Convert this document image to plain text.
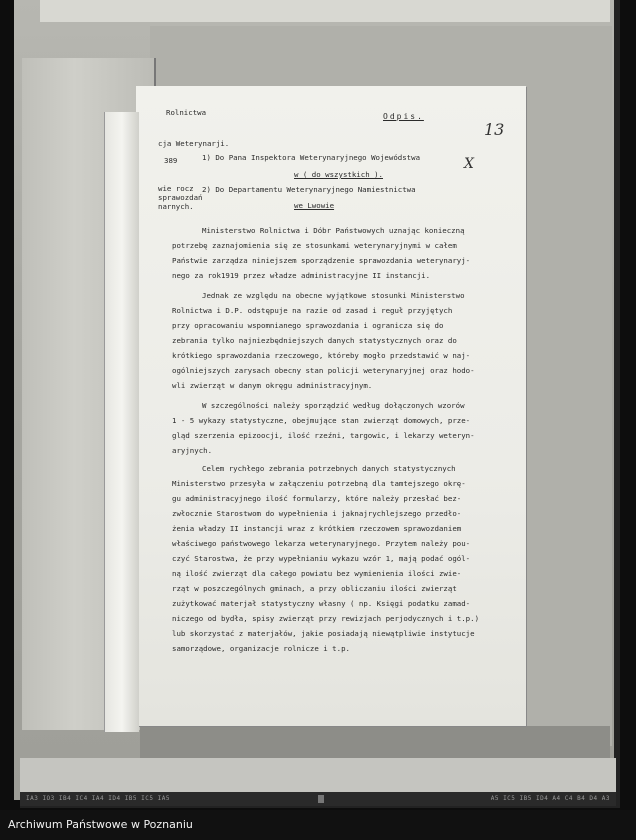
Odpis.
13
X
1) Do Pana Inspektora Weterynaryjnego Wojewódstwa
w ( do wszystkich ).
2) Do Departamentu Weterynaryjnego Namiestnictwa
we Lwowie
Ministerstwo Rolnictwa i Dóbr Państwowych uznając konieczną
potrzebę zaznajomienia się ze stosunkami weterynaryjnymi w całem
Państwie zarządza niniejszem sporządzenie sprawozdania weterynaryj-
nego za rok1919 przez władze administracyjne II instancji.
Jednak ze względu na obecne wyjątkowe stosunki Ministerstwo
Rolnictwa i D.P. odstępuje na razie od zasad i reguł przyjętych
przy opracowaniu wspomnianego sprawozdania i ogranicza się do
zebrania tylko najniezbędniejszych danych statystycznych oraz do
krótkiego sprawozdania rzeczowego, któreby mogło przedstawić w naj-
ogólniejszych zarysach obecny stan policji weterynaryjnej oraz hodo-
wli zwierząt w danym okręgu administracyjnym.
W szczególności należy sporządzić według dołączonych wzorów
1 - 5 wykazy statystyczne, obejmujące stan zwierząt domowych, prze-
gląd szerzenia epizoocji, ilość rzeźni, targowic, i lekarzy weteryn-
aryjnych.
Celem rychłego zebrania potrzebnych danych statystycznych
Ministerstwo przesyła w załączeniu potrzebną dla tamtejszego okrę-
gu administracyjnego ilość formularzy, które należy przesłać bez-
zwłocznie Starostwom do wypełnienia i jaknajrychlejszego przedło-
żenia władzy II instancji wraz z krótkiem rzeczowem sprawozdaniem
właściwego państwowego lekarza weterynaryjnego. Przytem należy pou-
czyć Starostwa, że przy wypełnianiu wykazu wzór 1, mają podać ogól-
ną ilość zwierząt dla całego powiatu bez wymienienia ilości zwie-
rząt w poszczególnych gminach, a przy obliczaniu ilości zwierząt
zużytkować materjał statystyczny własny ( np. Księgi podatku zamad-
niczego od bydła, spisy zwierząt przy rewizjach perjodycznych i t.p.)
lub skorzystać z materjałów, jakie posiadają niewątpliwie instytucje
samorządowe, organizacje rolnicze i t.p.
Rolnictwa
cja Weterynarji.
389
wie rocz
sprawozdań
narnych.
IA3 IO3 IB4 IC4 IA4 ID4 IB5 IC5 IA5	A5 IC5 IB5 ID4 A4 C4 B4 D4 A3
Archiwum Państwowe w Poznaniu
